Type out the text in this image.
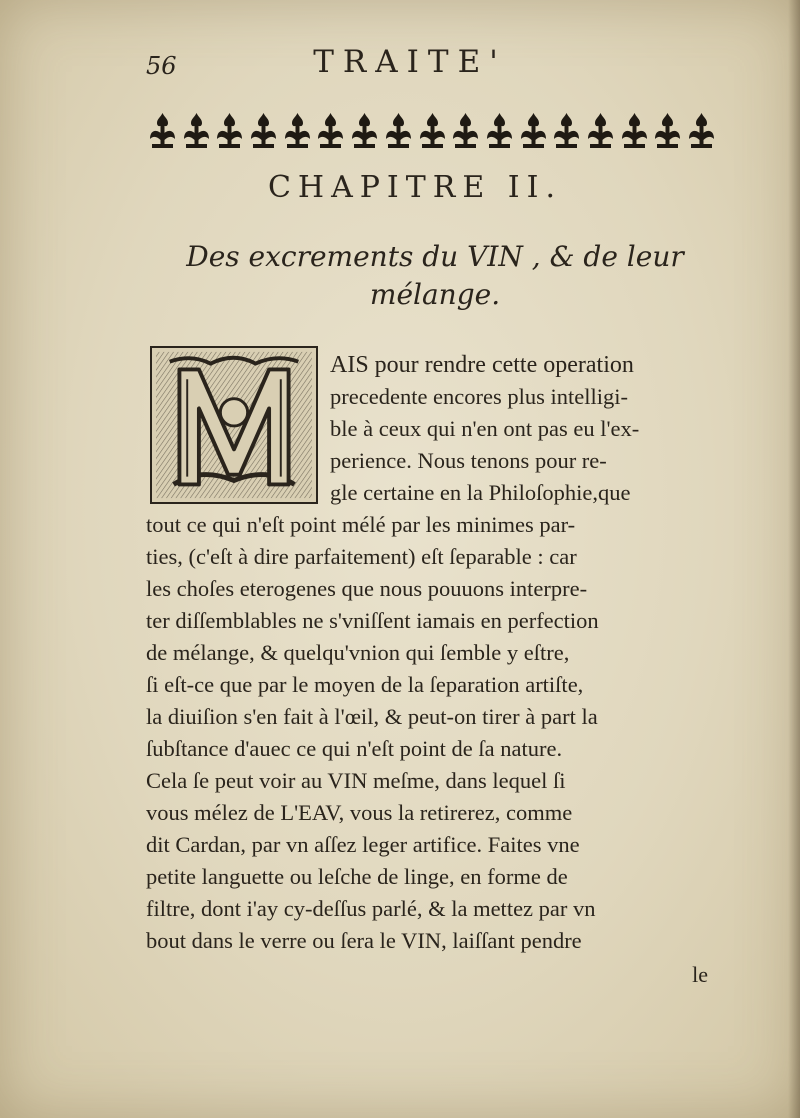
56	TRAITE'
CHAPITRE II.
Des excrements du VIN , & de leur
mélange.
AIS pour rendre cette operation
precedente encores plus intelligi-
ble à ceux qui n'en ont pas eu l'ex-
perience. Nous tenons pour re-
gle certaine en la Philoſophie,que
tout ce qui n'eſt point mélé par les minimes par-
ties, (c'eſt à dire parfaitement) eſt ſeparable : car
les choſes eterogenes que nous pouuons interpre-
ter diſſemblables ne s'vniſſent iamais en perfection
de mélange, & quelqu'vnion qui ſemble y eſtre,
ſi eſt-ce que par le moyen de la ſeparation artiſte,
la diuiſion s'en fait à l'œil, & peut-on tirer à part la
ſubſtance d'auec ce qui n'eſt point de ſa nature.
Cela ſe peut voir au VIN meſme, dans lequel ſi
vous mélez de L'EAV, vous la retirerez, comme
dit Cardan, par vn aſſez leger artifice. Faites vne
petite languette ou leſche de linge, en forme de
filtre, dont i'ay cy-deſſus parlé, & la mettez par vn
bout dans le verre ou ſera le VIN, laiſſant pendre
le
